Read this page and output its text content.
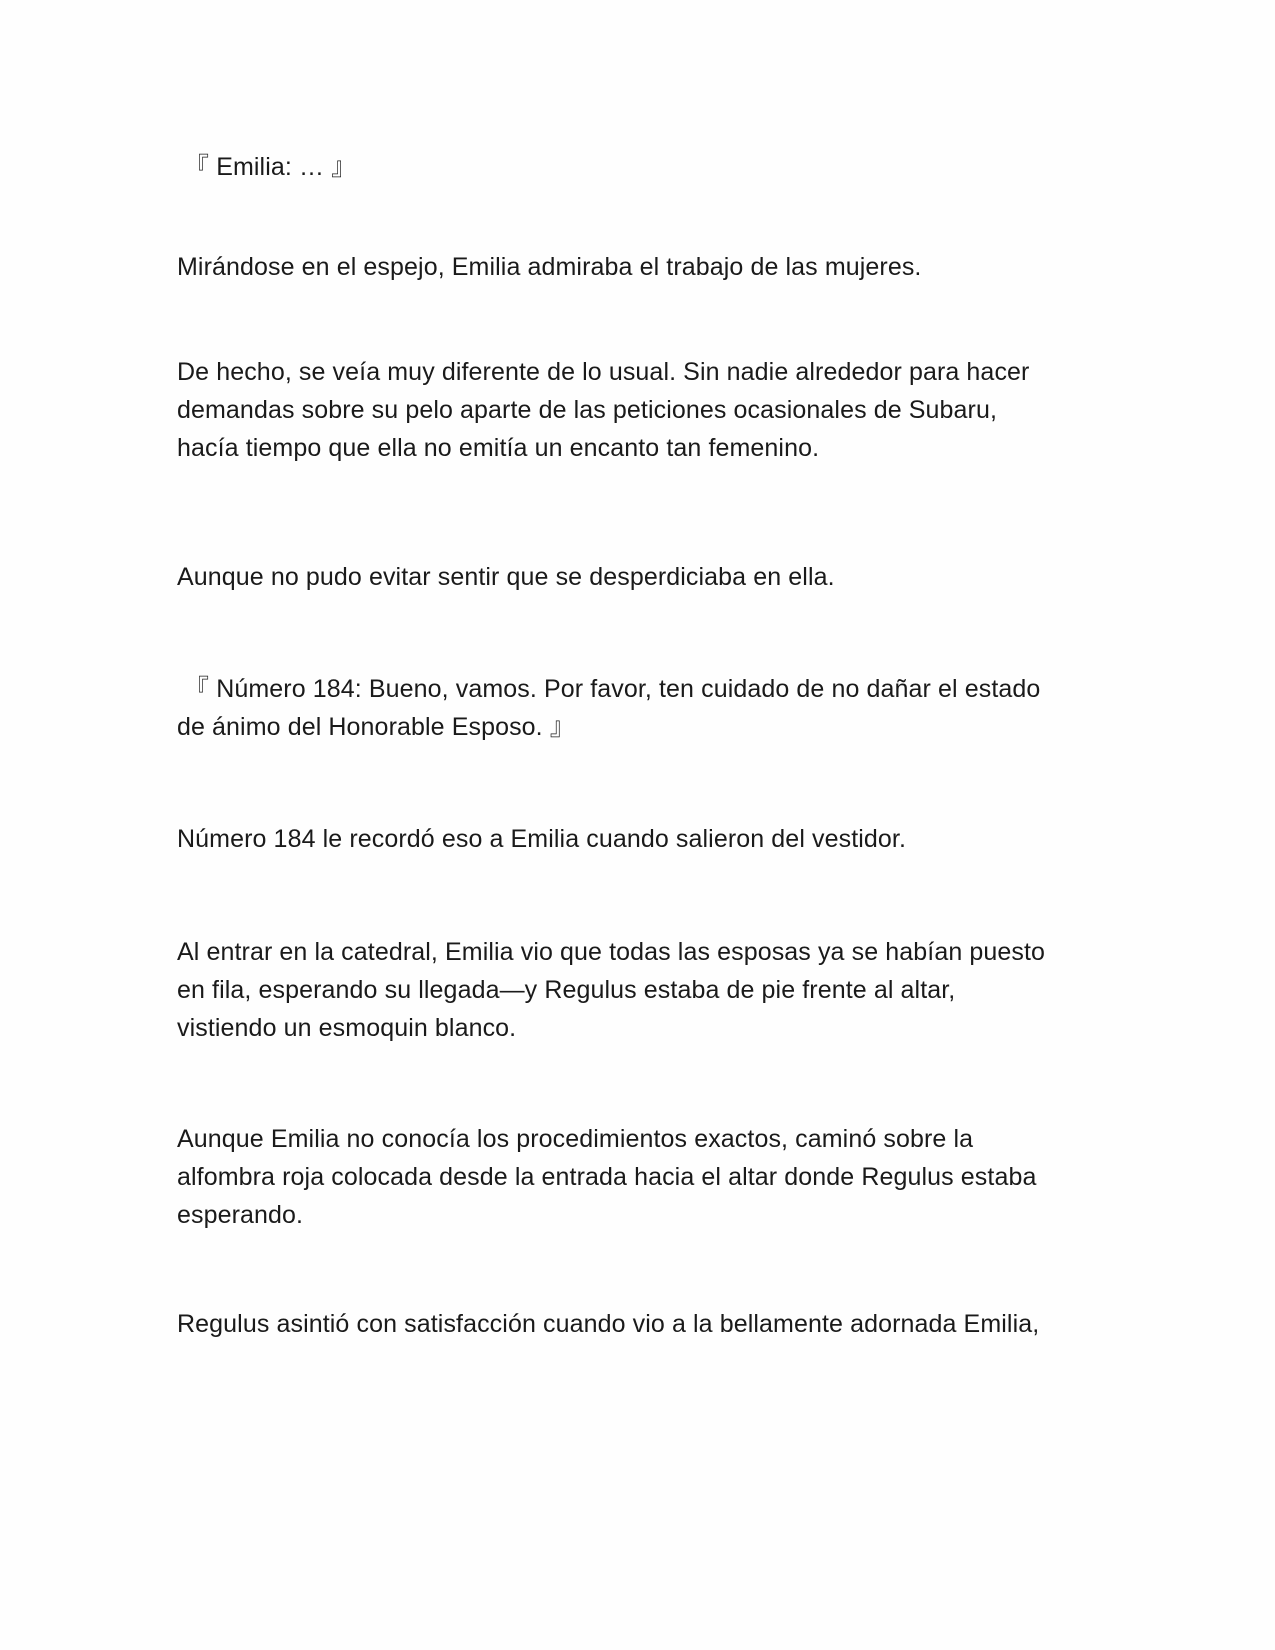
『 Emilia: … 』

Mirándose en el espejo, Emilia admiraba el trabajo de las mujeres.

De hecho, se veía muy diferente de lo usual. Sin nadie alrededor para hacer
demandas sobre su pelo aparte de las peticiones ocasionales de Subaru,
hacía tiempo que ella no emitía un encanto tan femenino.

Aunque no pudo evitar sentir que se desperdiciaba en ella.

『 Número 184: Bueno, vamos. Por favor, ten cuidado de no dañar el estado
de ánimo del Honorable Esposo. 』

Número 184 le recordó eso a Emilia cuando salieron del vestidor.

Al entrar en la catedral, Emilia vio que todas las esposas ya se habían puesto
en fila, esperando su llegada—y Regulus estaba de pie frente al altar,
vistiendo un esmoquin blanco.

Aunque Emilia no conocía los procedimientos exactos, caminó sobre la
alfombra roja colocada desde la entrada hacia el altar donde Regulus estaba
esperando.

Regulus asintió con satisfacción cuando vio a la bellamente adornada Emilia,
